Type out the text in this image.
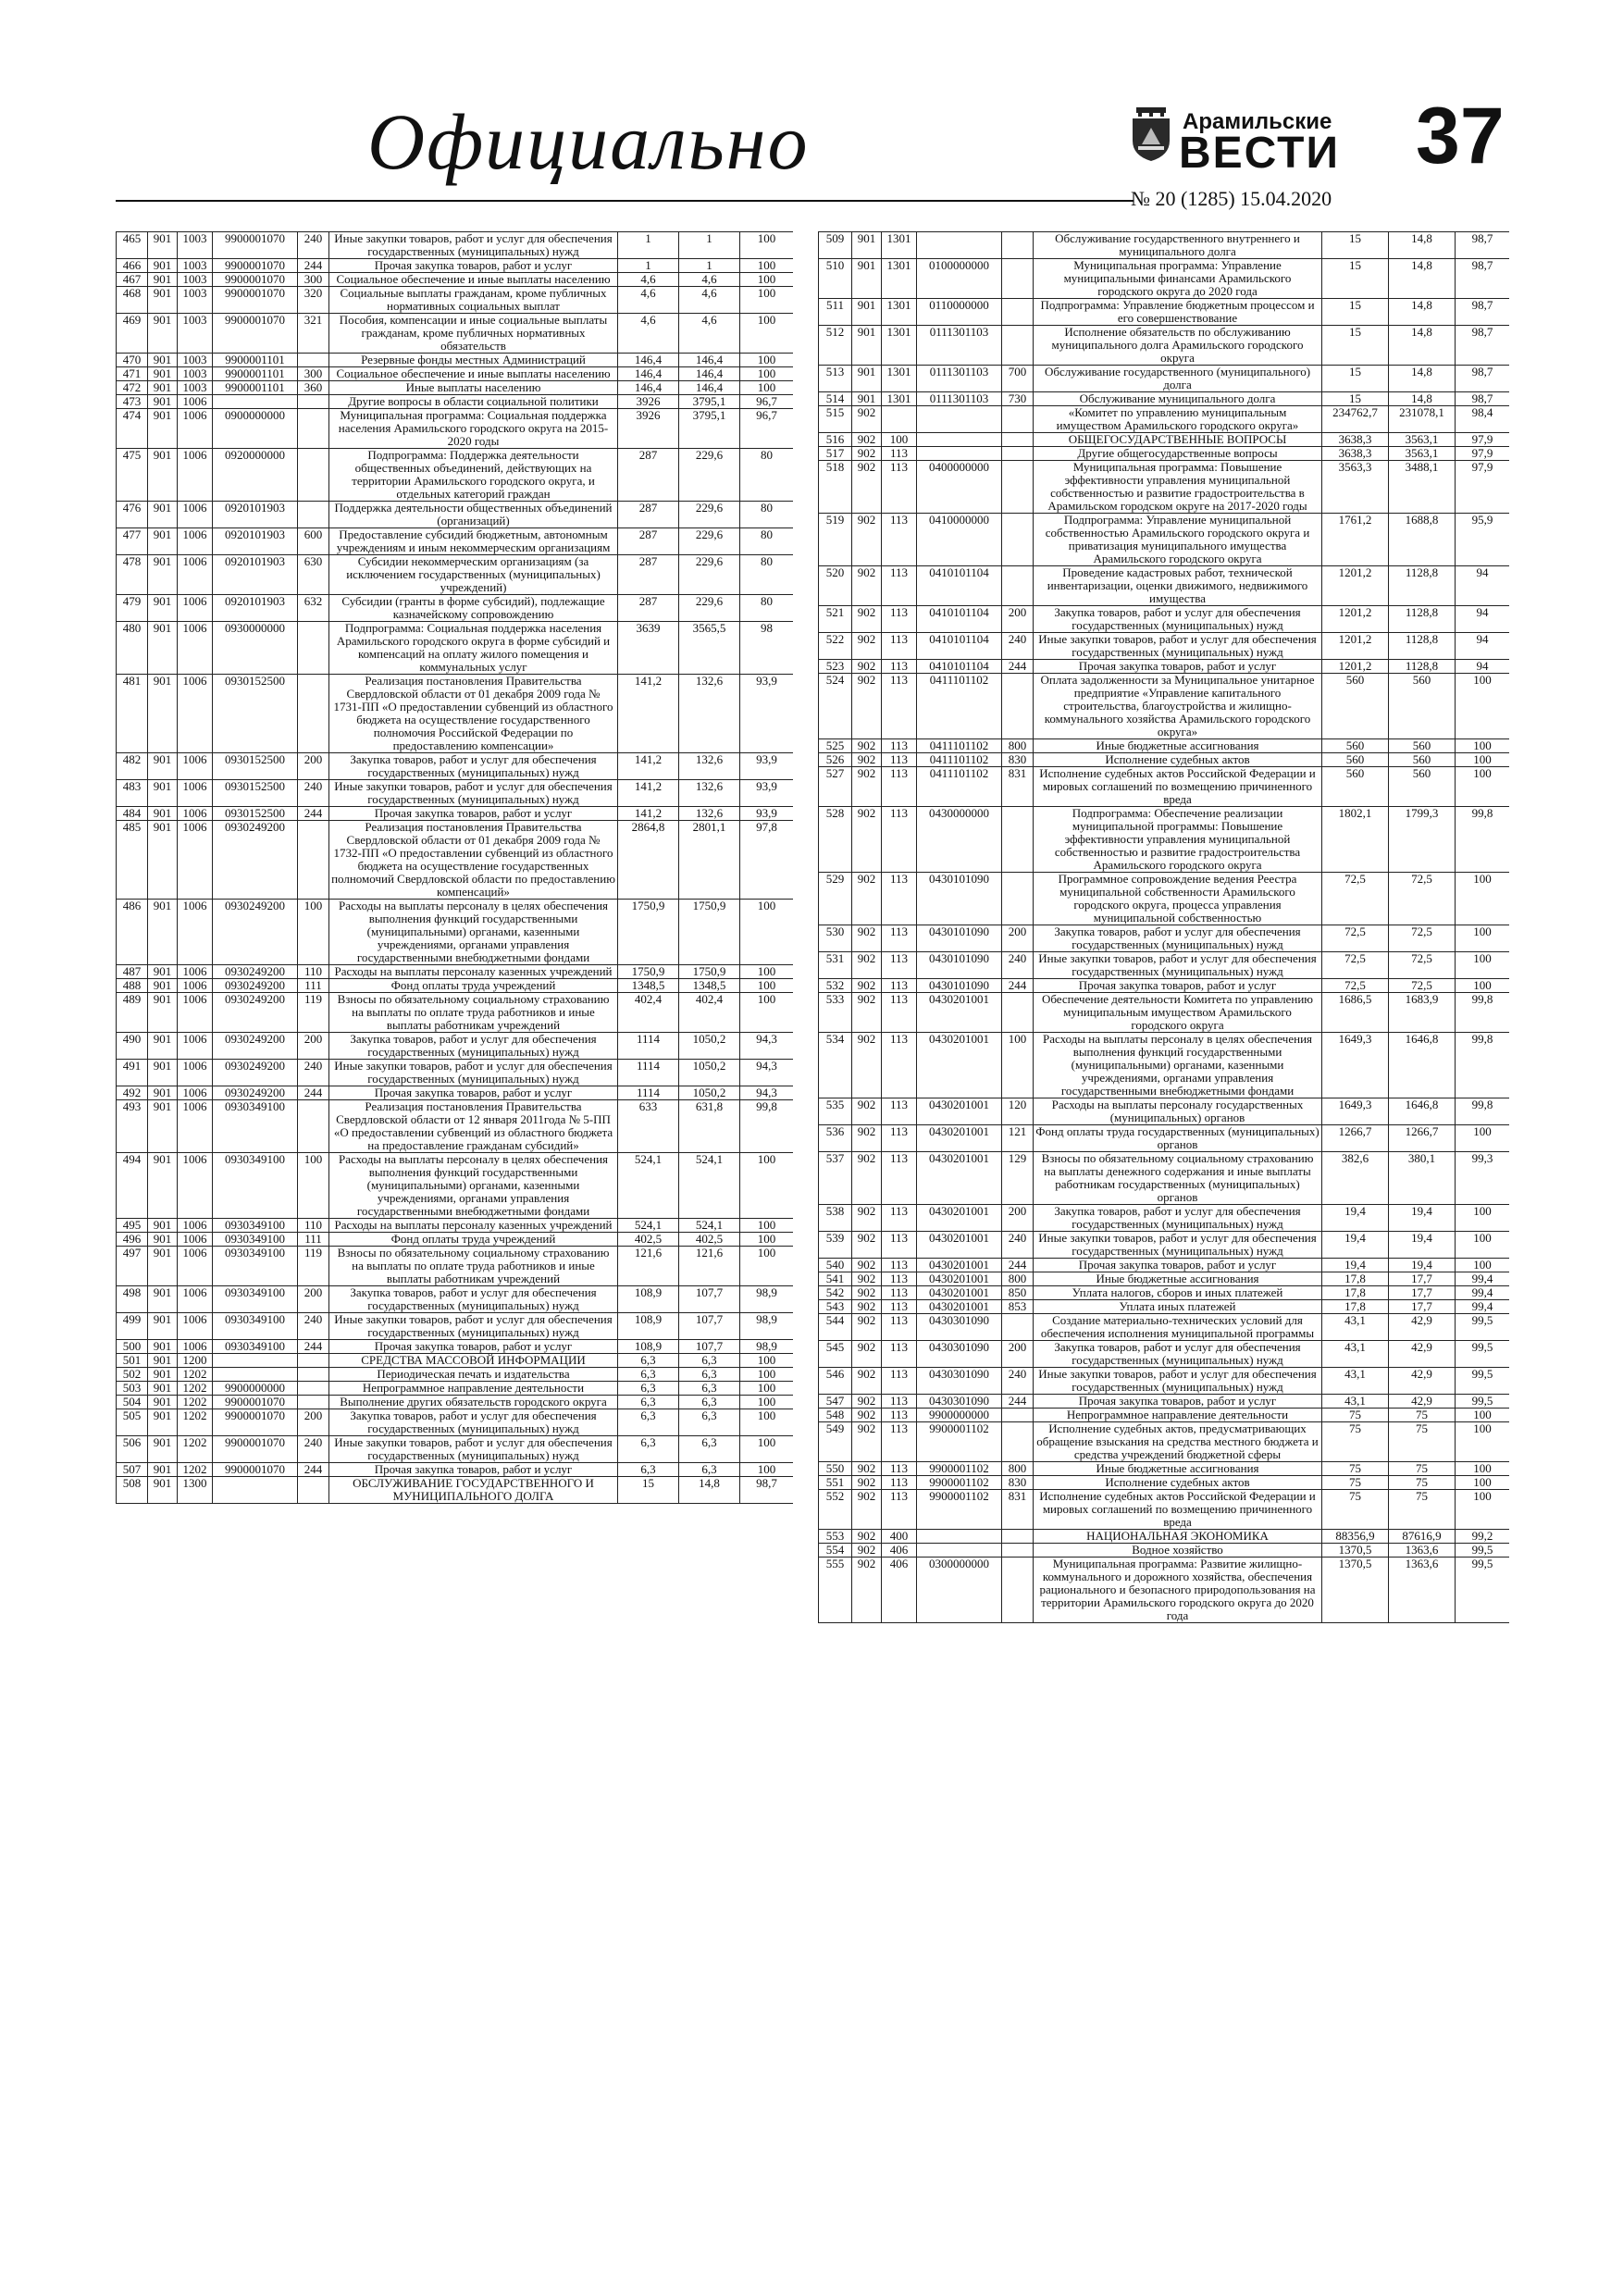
Официально	Арамильские
ВЕСТИ
№ 20 (1285) 15.04.2020
37
465	901	1003	9900001070	240	Иные закупки товаров, работ и услуг для обеспечения государственных (муниципальных) нужд	1	1	100
466	901	1003	9900001070	244	Прочая закупка товаров, работ и услуг	1	1	100
467	901	1003	9900001070	300	Социальное обеспечение и иные выплаты населению	4,6	4,6	100
468	901	1003	9900001070	320	Социальные выплаты гражданам, кроме публичных нормативных социальных выплат	4,6	4,6	100
469	901	1003	9900001070	321	Пособия, компенсации и иные социальные выплаты гражданам, кроме публичных нормативных обязательств	4,6	4,6	100
470	901	1003	9900001101		Резервные фонды местных Администраций	146,4	146,4	100
471	901	1003	9900001101	300	Социальное обеспечение и иные выплаты населению	146,4	146,4	100
472	901	1003	9900001101	360	Иные выплаты населению	146,4	146,4	100
473	901	1006			Другие вопросы в области социальной политики	3926	3795,1	96,7
474	901	1006	0900000000		Муниципальная программа: Социальная поддержка населения Арамильского городского округа на 2015-2020 годы	3926	3795,1	96,7
475	901	1006	0920000000		Подпрограмма: Поддержка деятельности общественных объединений, действующих на территории Арамильского городского округа, и отдельных категорий граждан	287	229,6	80
476	901	1006	0920101903		Поддержка деятельности общественных объединений (организаций)	287	229,6	80
477	901	1006	0920101903	600	Предоставление субсидий бюджетным, автономным учреждениям и иным некоммерческим организациям	287	229,6	80
478	901	1006	0920101903	630	Субсидии некоммерческим организациям (за исключением государственных (муниципальных) учреждений)	287	229,6	80
479	901	1006	0920101903	632	Субсидии (гранты в форме субсидий), подлежащие казначейскому сопровождению	287	229,6	80
480	901	1006	0930000000		Подпрограмма: Социальная поддержка населения Арамильского городского округа в форме субсидий и компенсаций на оплату жилого помещения и коммунальных услуг	3639	3565,5	98
481	901	1006	0930152500		Реализация постановления Правительства Свердловской области от 01 декабря 2009 года № 1731-ПП «О предоставлении субвенций из областного бюджета на осуществление государственного полномочия Российской Федерации по предоставлению компенсации»	141,2	132,6	93,9
482	901	1006	0930152500	200	Закупка товаров, работ и услуг для обеспечения государственных (муниципальных) нужд	141,2	132,6	93,9
483	901	1006	0930152500	240	Иные закупки товаров, работ и услуг для обеспечения государственных (муниципальных) нужд	141,2	132,6	93,9
484	901	1006	0930152500	244	Прочая закупка товаров, работ и услуг	141,2	132,6	93,9
485	901	1006	0930249200		Реализация постановления Правительства Свердловской области от 01 декабря 2009 года № 1732-ПП «О предоставлении субвенций из областного бюджета на осуществление государственных полномочий Свердловской области по предоставлению компенсаций»	2864,8	2801,1	97,8
486	901	1006	0930249200	100	Расходы на выплаты персоналу в целях обеспечения выполнения функций государственными (муниципальными) органами, казенными учреждениями, органами управления государственными внебюджетными фондами	1750,9	1750,9	100
487	901	1006	0930249200	110	Расходы на выплаты персоналу казенных учреждений	1750,9	1750,9	100
488	901	1006	0930249200	111	Фонд оплаты труда учреждений	1348,5	1348,5	100
489	901	1006	0930249200	119	Взносы по обязательному социальному страхованию на выплаты по оплате труда работников и иные выплаты работникам учреждений	402,4	402,4	100
490	901	1006	0930249200	200	Закупка товаров, работ и услуг для обеспечения государственных (муниципальных) нужд	1114	1050,2	94,3
491	901	1006	0930249200	240	Иные закупки товаров, работ и услуг для обеспечения государственных (муниципальных) нужд	1114	1050,2	94,3
492	901	1006	0930249200	244	Прочая закупка товаров, работ и услуг	1114	1050,2	94,3
493	901	1006	0930349100		Реализация постановления Правительства Свердловской области от 12 января 2011года № 5-ПП «О предоставлении субвенций из областного бюджета на предоставление гражданам субсидий»	633	631,8	99,8
494	901	1006	0930349100	100	Расходы на выплаты персоналу в целях обеспечения выполнения функций государственными (муниципальными) органами, казенными учреждениями, органами управления государственными внебюджетными фондами	524,1	524,1	100
495	901	1006	0930349100	110	Расходы на выплаты персоналу казенных учреждений	524,1	524,1	100
496	901	1006	0930349100	111	Фонд оплаты труда учреждений	402,5	402,5	100
497	901	1006	0930349100	119	Взносы по обязательному социальному страхованию на выплаты по оплате труда работников и иные выплаты работникам учреждений	121,6	121,6	100
498	901	1006	0930349100	200	Закупка товаров, работ и услуг для обеспечения государственных (муниципальных) нужд	108,9	107,7	98,9
499	901	1006	0930349100	240	Иные закупки товаров, работ и услуг для обеспечения государственных (муниципальных) нужд	108,9	107,7	98,9
500	901	1006	0930349100	244	Прочая закупка товаров, работ и услуг	108,9	107,7	98,9
501	901	1200			СРЕДСТВА МАССОВОЙ ИНФОРМАЦИИ	6,3	6,3	100
502	901	1202			Периодическая печать и издательства	6,3	6,3	100
503	901	1202	9900000000		Непрограммное направление деятельности	6,3	6,3	100
504	901	1202	9900001070		Выполнение других обязательств городского округа	6,3	6,3	100
505	901	1202	9900001070	200	Закупка товаров, работ и услуг для обеспечения государственных (муниципальных) нужд	6,3	6,3	100
506	901	1202	9900001070	240	Иные закупки товаров, работ и услуг для обеспечения государственных (муниципальных) нужд	6,3	6,3	100
507	901	1202	9900001070	244	Прочая закупка товаров, работ и услуг	6,3	6,3	100
508	901	1300			ОБСЛУЖИВАНИЕ ГОСУДАРСТВЕННОГО И МУНИЦИПАЛЬНОГО ДОЛГА	15	14,8	98,7
509	901	1301			Обслуживание государственного внутреннего и муниципального долга	15	14,8	98,7
510	901	1301	0100000000		Муниципальная программа: Управление муниципальными финансами Арамильского городского округа до 2020 года	15	14,8	98,7
511	901	1301	0110000000		Подпрограмма: Управление бюджетным процессом и его совершенствование	15	14,8	98,7
512	901	1301	0111301103		Исполнение обязательств по обслуживанию муниципального долга Арамильского городского округа	15	14,8	98,7
513	901	1301	0111301103	700	Обслуживание государственного (муниципального) долга	15	14,8	98,7
514	901	1301	0111301103	730	Обслуживание муниципального долга	15	14,8	98,7
515	902				«Комитет по управлению муниципальным имуществом Арамильского городского округа»	234762,7	231078,1	98,4
516	902	100			ОБЩЕГОСУДАРСТВЕННЫЕ ВОПРОСЫ	3638,3	3563,1	97,9
517	902	113			Другие общегосударственные вопросы	3638,3	3563,1	97,9
518	902	113	0400000000		Муниципальная программа: Повышение эффективности управления муниципальной собственностью и развитие градостроительства в Арамильском городском округе на 2017-2020 годы	3563,3	3488,1	97,9
519	902	113	0410000000		Подпрограмма: Управление муниципальной собственностью Арамильского городского округа и приватизация муниципального имущества Арамильского городского округа	1761,2	1688,8	95,9
520	902	113	0410101104		Проведение кадастровых работ, технической инвентаризации, оценки движимого, недвижимого имущества	1201,2	1128,8	94
521	902	113	0410101104	200	Закупка товаров, работ и услуг для обеспечения государственных (муниципальных) нужд	1201,2	1128,8	94
522	902	113	0410101104	240	Иные закупки товаров, работ и услуг для обеспечения государственных (муниципальных) нужд	1201,2	1128,8	94
523	902	113	0410101104	244	Прочая закупка товаров, работ и услуг	1201,2	1128,8	94
524	902	113	0411101102		Оплата задолженности за Муниципальное унитарное предприятие «Управление капитального строительства, благоустройства и жилищно-коммунального хозяйства Арамильского городского округа»	560	560	100
525	902	113	0411101102	800	Иные бюджетные ассигнования	560	560	100
526	902	113	0411101102	830	Исполнение судебных актов	560	560	100
527	902	113	0411101102	831	Исполнение судебных актов Российской Федерации и мировых соглашений по возмещению причиненного вреда	560	560	100
528	902	113	0430000000		Подпрограмма: Обеспечение реализации муниципальной программы: Повышение эффективности управления муниципальной собственностью и развитие градостроительства Арамильского городского округа	1802,1	1799,3	99,8
529	902	113	0430101090		Программное сопровождение ведения Реестра муниципальной собственности Арамильского городского округа, процесса управления муниципальной собственностью	72,5	72,5	100
530	902	113	0430101090	200	Закупка товаров, работ и услуг для обеспечения государственных (муниципальных) нужд	72,5	72,5	100
531	902	113	0430101090	240	Иные закупки товаров, работ и услуг для обеспечения государственных (муниципальных) нужд	72,5	72,5	100
532	902	113	0430101090	244	Прочая закупка товаров, работ и услуг	72,5	72,5	100
533	902	113	0430201001		Обеспечение деятельности Комитета по управлению муниципальным имуществом Арамильского городского округа	1686,5	1683,9	99,8
534	902	113	0430201001	100	Расходы на выплаты персоналу в целях обеспечения выполнения функций государственными (муниципальными) органами, казенными учреждениями, органами управления государственными внебюджетными фондами	1649,3	1646,8	99,8
535	902	113	0430201001	120	Расходы на выплаты персоналу государственных (муниципальных) органов	1649,3	1646,8	99,8
536	902	113	0430201001	121	Фонд оплаты труда государственных (муниципальных) органов	1266,7	1266,7	100
537	902	113	0430201001	129	Взносы по обязательному социальному страхованию на выплаты денежного содержания и иные выплаты работникам государственных (муниципальных) органов	382,6	380,1	99,3
538	902	113	0430201001	200	Закупка товаров, работ и услуг для обеспечения государственных (муниципальных) нужд	19,4	19,4	100
539	902	113	0430201001	240	Иные закупки товаров, работ и услуг для обеспечения государственных (муниципальных) нужд	19,4	19,4	100
540	902	113	0430201001	244	Прочая закупка товаров, работ и услуг	19,4	19,4	100
541	902	113	0430201001	800	Иные бюджетные ассигнования	17,8	17,7	99,4
542	902	113	0430201001	850	Уплата налогов, сборов и иных платежей	17,8	17,7	99,4
543	902	113	0430201001	853	Уплата иных платежей	17,8	17,7	99,4
544	902	113	0430301090		Создание материально-технических условий для обеспечения исполнения муниципальной программы	43,1	42,9	99,5
545	902	113	0430301090	200	Закупка товаров, работ и услуг для обеспечения государственных (муниципальных) нужд	43,1	42,9	99,5
546	902	113	0430301090	240	Иные закупки товаров, работ и услуг для обеспечения государственных (муниципальных) нужд	43,1	42,9	99,5
547	902	113	0430301090	244	Прочая закупка товаров, работ и услуг	43,1	42,9	99,5
548	902	113	9900000000		Непрограммное направление деятельности	75	75	100
549	902	113	9900001102		Исполнение судебных актов, предусматривающих обращение взыскания на средства местного бюджета и средства учреждений бюджетной сферы	75	75	100
550	902	113	9900001102	800	Иные бюджетные ассигнования	75	75	100
551	902	113	9900001102	830	Исполнение судебных актов	75	75	100
552	902	113	9900001102	831	Исполнение судебных актов Российской Федерации и мировых соглашений по возмещению причиненного вреда	75	75	100
553	902	400			НАЦИОНАЛЬНАЯ ЭКОНОМИКА	88356,9	87616,9	99,2
554	902	406			Водное хозяйство	1370,5	1363,6	99,5
555	902	406	0300000000		Муниципальная программа: Развитие жилищно-коммунального и дорожного хозяйства, обеспечения рационального и безопасного природопользования на территории Арамильского городского округа до 2020 года	1370,5	1363,6	99,5
